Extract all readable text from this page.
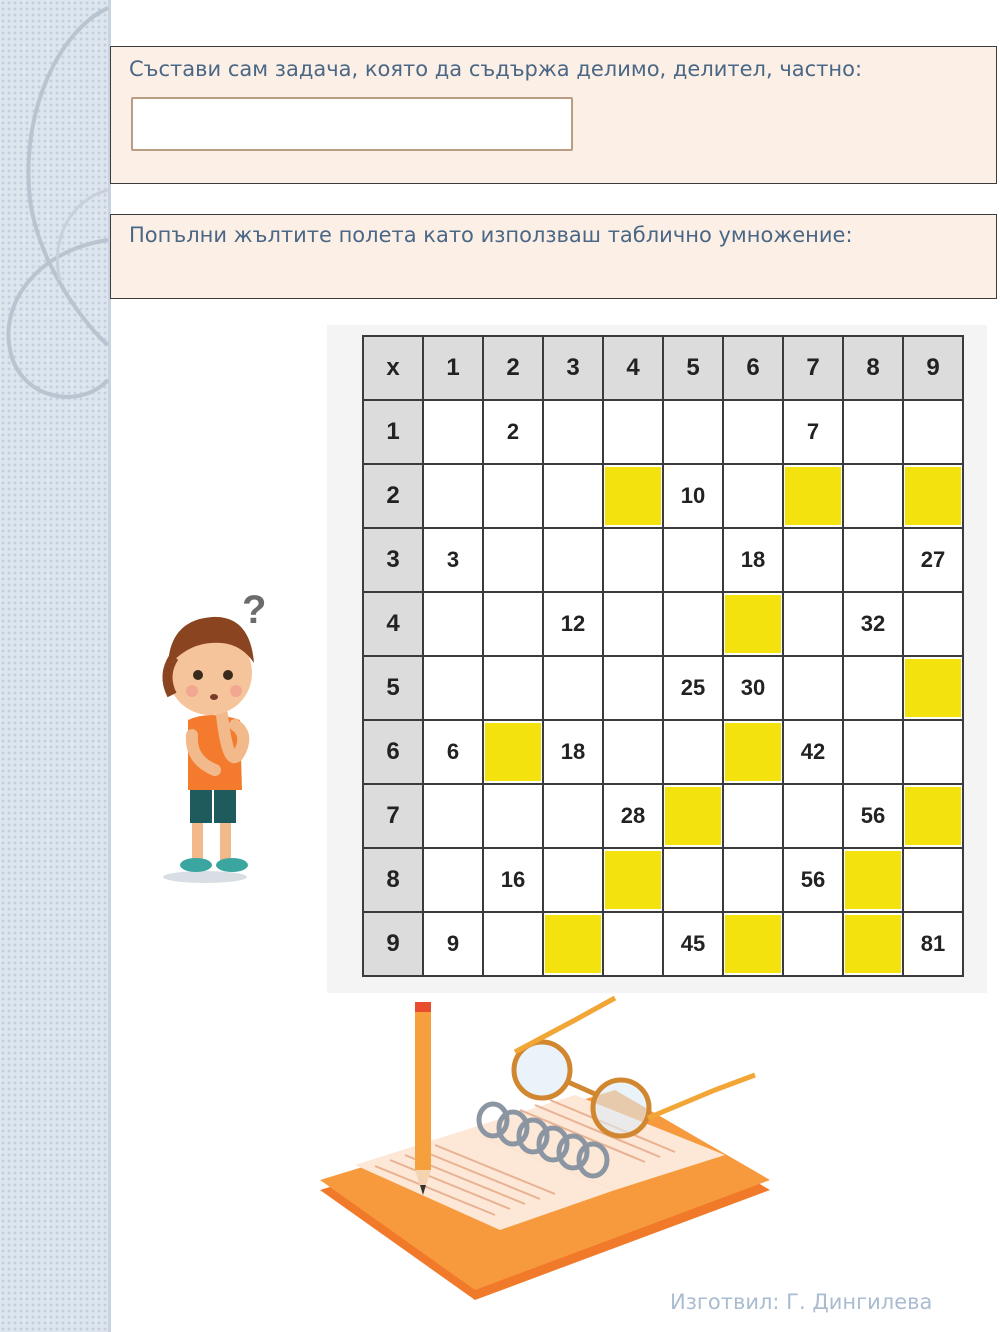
Състави сам задача, която да съдържа делимо, делител, частно:
Попълни жълтите полета като използваш таблично умножение:
x	1	2	3	4	5	6	7	8	9
1		2					7		
2					10		

3	3					18			27
4			12					32	
5					25	30			

6	6		18				42		
7				28				56	

8		16					56	

9	9				45				81
?
Изготвил: Г. Дингилева
